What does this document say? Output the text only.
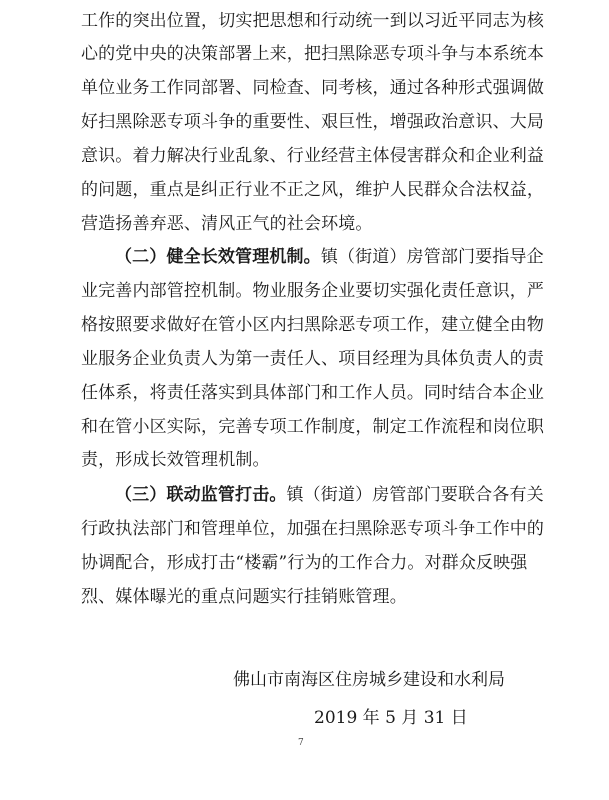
工作的突出位置，切实把思想和行动统一到以习近平同志为核
心的党中央的决策部署上来，把扫黑除恶专项斗争与本系统本
单位业务工作同部署、同检查、同考核，通过各种形式强调做
好扫黑除恶专项斗争的重要性、艰巨性，增强政治意识、大局
意识。着力解决行业乱象、行业经营主体侵害群众和企业利益
的问题，重点是纠正行业不正之风，维护人民群众合法权益，
营造扬善弃恶、清风正气的社会环境。
（二）健全长效管理机制。镇（街道）房管部门要指导企
业完善内部管控机制。物业服务企业要切实强化责任意识，严
格按照要求做好在管小区内扫黑除恶专项工作，建立健全由物
业服务企业负责人为第一责任人、项目经理为具体负责人的责
任体系，将责任落实到具体部门和工作人员。同时结合本企业
和在管小区实际，完善专项工作制度，制定工作流程和岗位职
责，形成长效管理机制。
（三）联动监管打击。镇（街道）房管部门要联合各有关
行政执法部门和管理单位，加强在扫黑除恶专项斗争工作中的
协调配合，形成打击“楼霸”行为的工作合力。对群众反映强
烈、媒体曝光的重点问题实行挂销账管理。
佛山市南海区住房城乡建设和水利局
2019 年 5 月 31 日
7
